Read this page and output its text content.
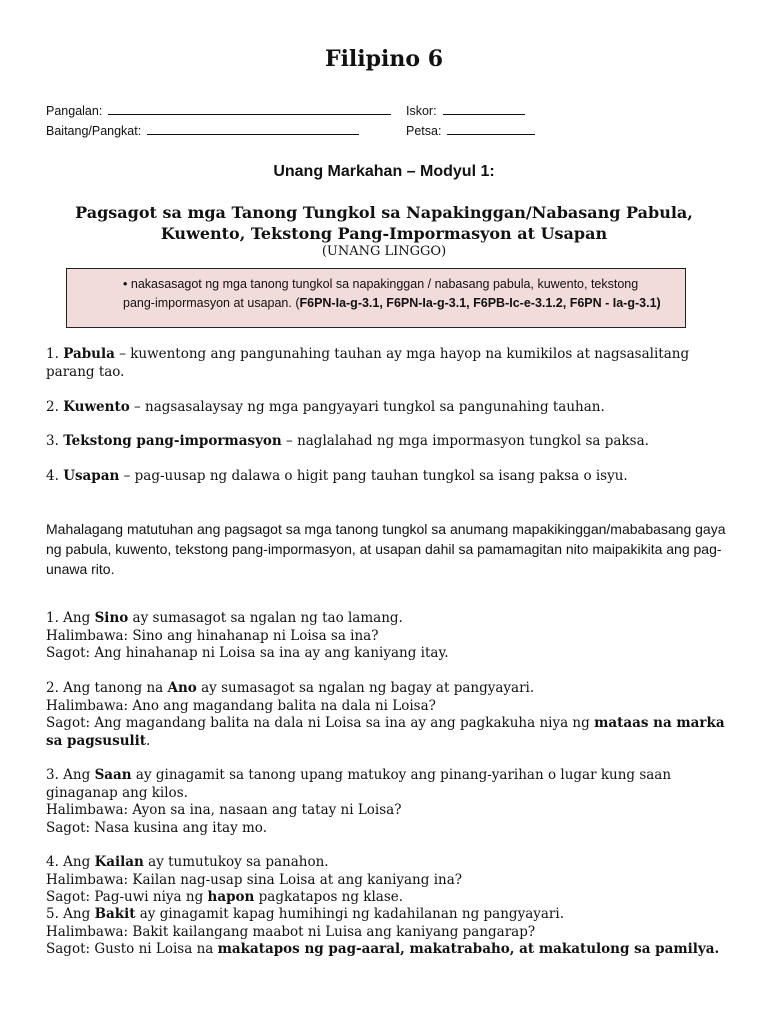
Filipino 6
Pangalan:	Iskor:
Baitang/Pangkat:	Petsa:
Unang Markahan – Modyul 1:
Pagsagot sa mga Tanong Tungkol sa Napakinggan/Nabasang Pabula,
Kuwento, Tekstong Pang-Impormasyon at Usapan
(UNANG LINGGO)
• nakasasagot ng mga tanong tungkol sa napakinggan / nabasang pabula, kuwento, tekstong
pang-impormasyon at usapan. (F6PN-Ia-g-3.1, F6PN-Ia-g-3.1, F6PB-Ic-e-3.1.2, F6PN - Ia-g-3.1)
1. Pabula – kuwentong ang pangunahing tauhan ay mga hayop na kumikilos at nagsasalitang parang tao.
2. Kuwento – nagsasalaysay ng mga pangyayari tungkol sa pangunahing tauhan.
3. Tekstong pang-impormasyon – naglalahad ng mga impormasyon tungkol sa paksa.
4. Usapan – pag-uusap ng dalawa o higit pang tauhan tungkol sa isang paksa o isyu.
Mahalagang matutuhan ang pagsagot sa mga tanong tungkol sa anumang mapakikinggan/mababasang gaya ng pabula, kuwento, tekstong pang-impormasyon, at usapan dahil sa pamamagitan nito maipakikita ang pag-unawa rito.
1. Ang Sino ay sumasagot sa ngalan ng tao lamang.
Halimbawa: Sino ang hinahanap ni Loisa sa ina?
Sagot: Ang hinahanap ni Loisa sa ina ay ang kaniyang itay.
2. Ang tanong na Ano ay sumasagot sa ngalan ng bagay at pangyayari.
Halimbawa: Ano ang magandang balita na dala ni Loisa?
Sagot: Ang magandang balita na dala ni Loisa sa ina ay ang pagkakuha niya ng mataas na marka sa pagsusulit.
3. Ang Saan ay ginagamit sa tanong upang matukoy ang pinang-yarihan o lugar kung saan ginaganap ang kilos.
Halimbawa: Ayon sa ina, nasaan ang tatay ni Loisa?
Sagot: Nasa kusina ang itay mo.
4. Ang Kailan ay tumutukoy sa panahon.
Halimbawa: Kailan nag-usap sina Loisa at ang kaniyang ina?
Sagot: Pag-uwi niya ng hapon pagkatapos ng klase.
5. Ang Bakit ay ginagamit kapag humihingi ng kadahilanan ng pangyayari.
Halimbawa: Bakit kailangang maabot ni Luisa ang kaniyang pangarap?
Sagot: Gusto ni Loisa na makatapos ng pag-aaral, makatrabaho, at makatulong sa pamilya.
